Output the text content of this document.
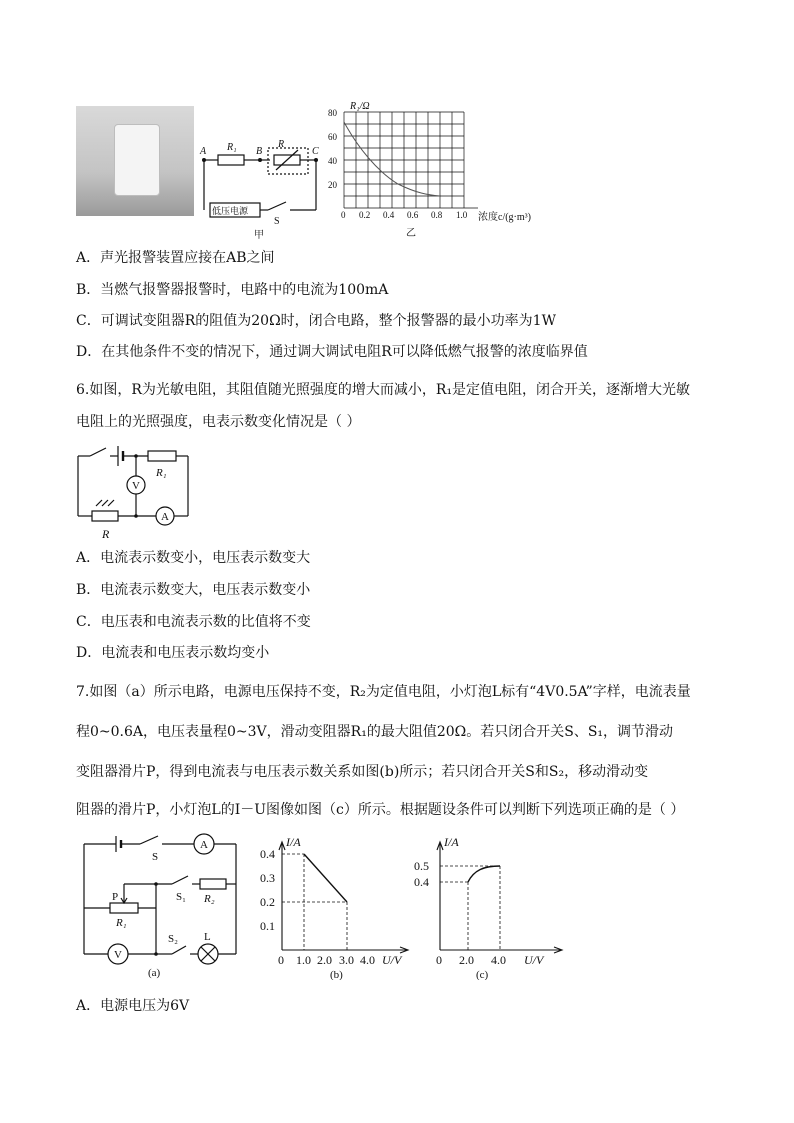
A	B	C
R₁	R
低压电源
S
甲
R₁/Ω
80
60
40
20
0 0.2 0.4 0.6 0.8 1.0 浓度c/(g·m³)
乙
A．声光报警装置应接在AB之间
B．当燃气报警器报警时，电路中的电流为100mA
C．可调试变阻器R的阻值为20Ω时，闭合电路，整个报警器的最小功率为1W
D．在其他条件不变的情况下，通过调大调试电阻R可以降低燃气报警的浓度临界值
6.如图，R为光敏电阻，其阻值随光照强度的增大而减小，R₁是定值电阻，闭合开关，逐渐增大光敏
电阻上的光照强度，电表示数变化情况是（ ）
R₁
V
A
R
A．电流表示数变小，电压表示数变大
B．电流表示数变大，电压表示数变小
C．电压表和电流表示数的比值将不变
D．电流表和电压表示数均变小
7.如图（a）所示电路，电源电压保持不变，R₂为定值电阻，小灯泡L标有“4V0.5A”字样，电流表量
程0~0.6A，电压表量程0~3V，滑动变阻器R₁的最大阻值20Ω。若只闭合开关S、S₁，调节滑动
变阻器滑片P，得到电流表与电压表示数关系如图(b)所示；若只闭合开关S和S₂，移动滑动变
阻器的滑片P，小灯泡L的I－U图像如图（c）所示。根据题设条件可以判断下列选项正确的是（ ）
S
A
P	S₁ R₂
R₁
S₂ L
V
(a)
I/A
0.4
0.3
0.2
0.1
0 1.0 2.0 3.0 4.0 U/V
(b)
I/A
0.5
0.4
0 2.0 4.0 U/V
(c)
A．电源电压为6V
